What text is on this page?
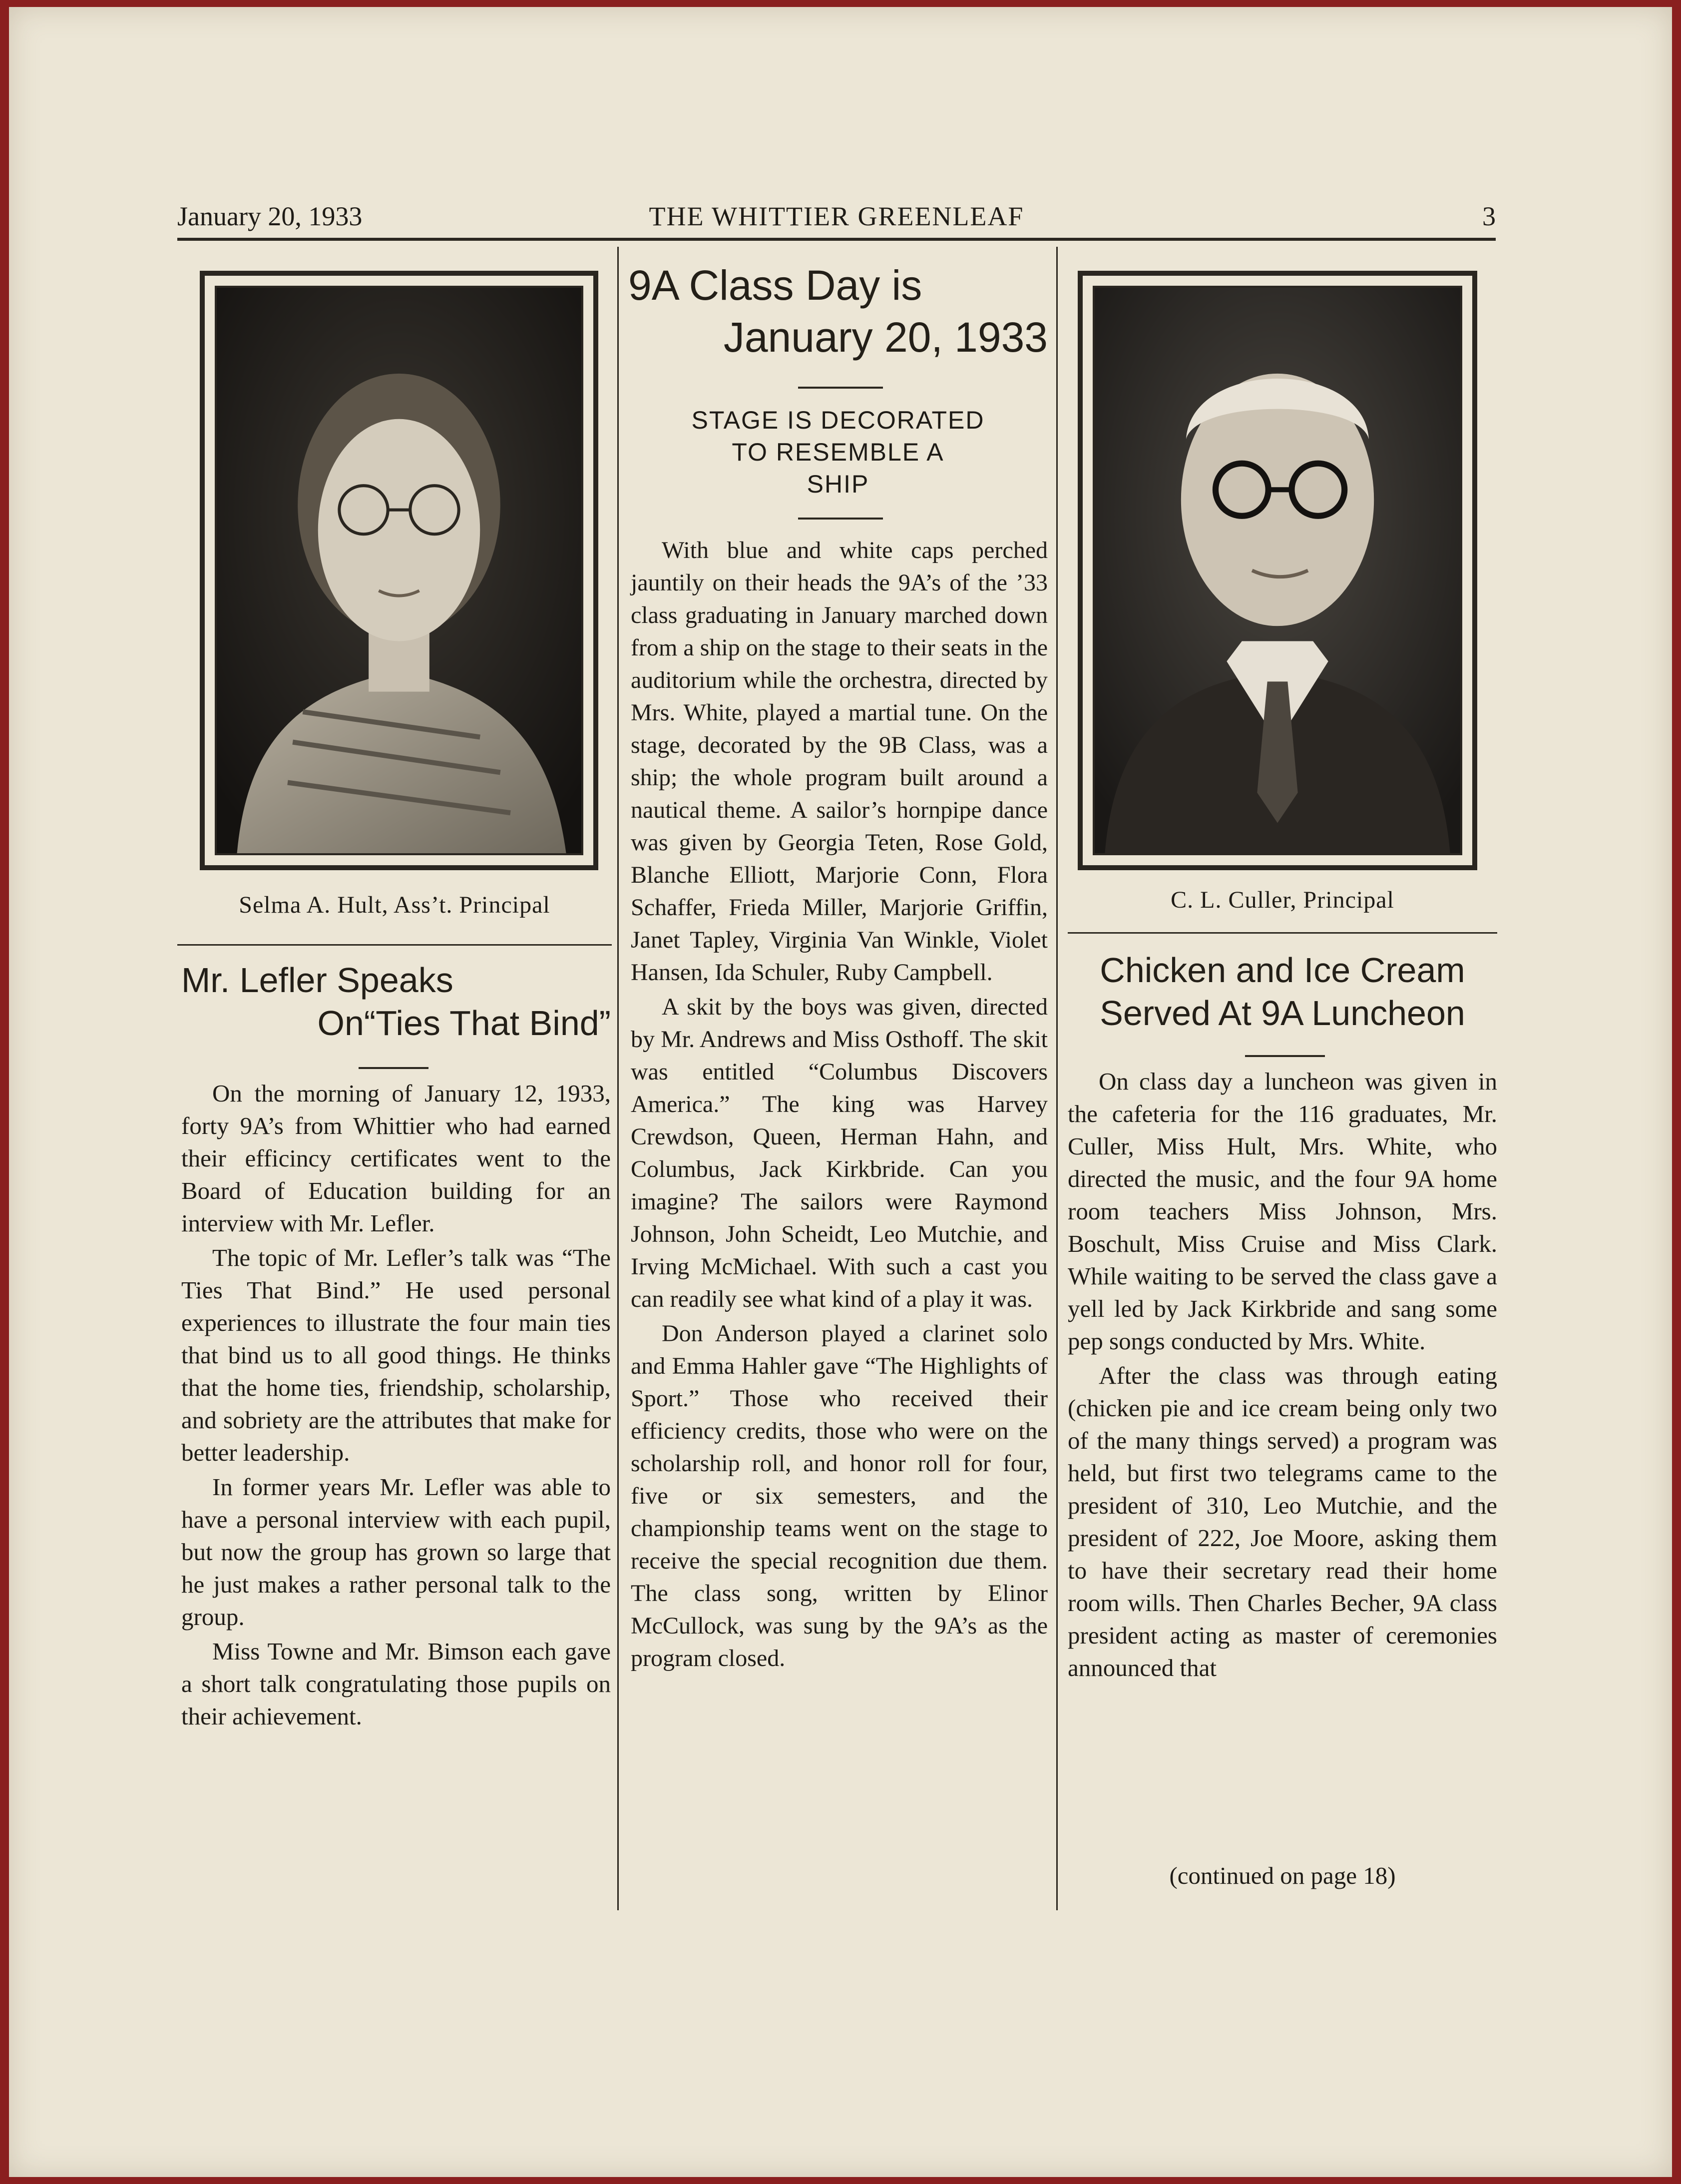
January 20, 1933	THE WHITTIER GREENLEAF	3
Selma A. Hult, Ass’t. Principal
Mr. Lefler Speaks
On“Ties That Bind”

On the morning of January 12, 1933, forty 9A’s from Whittier who had earned their efficincy certificates went to the Board of Education building for an interview with Mr. Lefler.

The topic of Mr. Lefler’s talk was “The Ties That Bind.” He used personal experiences to illustrate the four main ties that bind us to all good things. He thinks that the home ties, friendship, scholarship, and sobriety are the attributes that make for better leadership.

In former years Mr. Lefler was able to have a personal interview with each pupil, but now the group has grown so large that he just makes a rather personal talk to the group.

Miss Towne and Mr. Bimson each gave a short talk congratulating those pupils on their achievement.

9A Class Day is
January 20, 1933
STAGE IS DECORATED
TO RESEMBLE A
SHIP

With blue and white caps perched jauntily on their heads the 9A’s of the ’33 class graduating in January marched down from a ship on the stage to their seats in the auditorium while the orchestra, directed by Mrs. White, played a martial tune. On the stage, decorated by the 9B Class, was a ship; the whole program built around a nautical theme. A sailor’s hornpipe dance was given by Georgia Teten, Rose Gold, Blanche Elliott, Marjorie Conn, Flora Schaffer, Frieda Miller, Marjorie Griffin, Janet Tapley, Virginia Van Winkle, Violet Hansen, Ida Schuler, Ruby Campbell.

A skit by the boys was given, directed by Mr. Andrews and Miss Osthoff. The skit was entitled “Columbus Discovers America.” The king was Harvey Crewdson, Queen, Herman Hahn, and Columbus, Jack Kirkbride. Can you imagine? The sailors were Raymond Johnson, John Scheidt, Leo Mutchie, and Irving McMichael. With such a cast you can readily see what kind of a play it was.

Don Anderson played a clarinet solo and Emma Hahler gave “The Highlights of Sport.” Those who received their efficiency credits, those who were on the scholarship roll, and honor roll for four, five or six semesters, and the championship teams went on the stage to receive the special recognition due them. The class song, written by Elinor McCullock, was sung by the 9A’s as the program closed.

C. L. Culler, Principal
Chicken and Ice Cream
Served At 9A Luncheon

On class day a luncheon was given in the cafeteria for the 116 graduates, Mr. Culler, Miss Hult, Mrs. White, who directed the music, and the four 9A home room teachers Miss Johnson, Mrs. Boschult, Miss Cruise and Miss Clark. While waiting to be served the class gave a yell led by Jack Kirkbride and sang some pep songs conducted by Mrs. White.

After the class was through eating (chicken pie and ice cream being only two of the many things served) a program was held, but first two telegrams came to the president of 310, Leo Mutchie, and the president of 222, Joe Moore, asking them to have their secretary read their home room wills. Then Charles Becher, 9A class president acting as master of ceremonies announced that

(continued on page 18)
